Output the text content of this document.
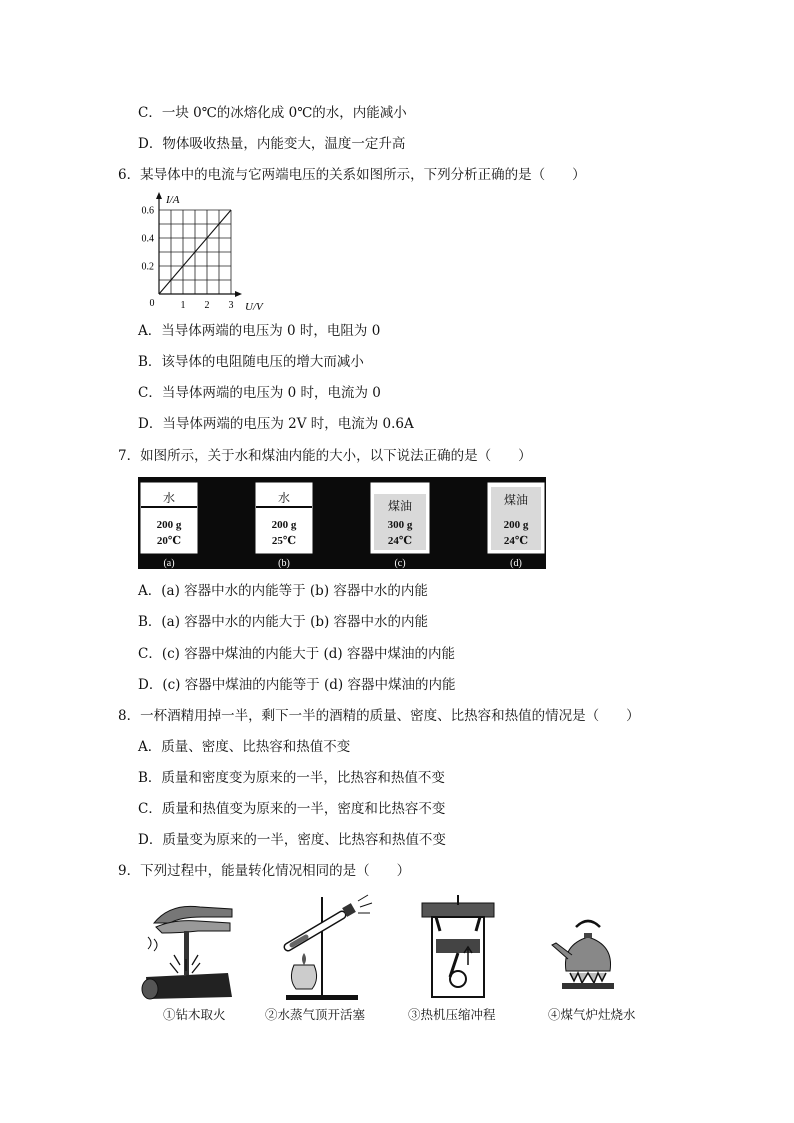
C．一块 0℃的冰熔化成 0℃的水，内能减小
D．物体吸收热量，内能变大，温度一定升高
6．某导体中的电流与它两端电压的关系如图所示，下列分析正确的是（　　）
I/A
U/V
0
0.6
0.4
0.2
1 2 3
A．当导体两端的电压为 0 时，电阻为 0
B．该导体的电阻随电压的增大而减小
C．当导体两端的电压为 0 时，电流为 0
D．当导体两端的电压为 2V 时，电流为 0.6A
7．如图所示，关于水和煤油内能的大小，以下说法正确的是（　　）
水
200 g
20℃
(a)
水
200 g
25℃
(b)
煤油
300 g
24℃
(c)
煤油
200 g
24℃
(d)
A．(a) 容器中水的内能等于 (b) 容器中水的内能
B．(a) 容器中水的内能大于 (b) 容器中水的内能
C．(c) 容器中煤油的内能大于 (d) 容器中煤油的内能
D．(c) 容器中煤油的内能等于 (d) 容器中煤油的内能
8．一杯酒精用掉一半，剩下一半的酒精的质量、密度、比热容和热值的情况是（　　）
A．质量、密度、比热容和热值不变
B．质量和密度变为原来的一半，比热容和热值不变
C．质量和热值变为原来的一半，密度和比热容不变
D．质量变为原来的一半，密度、比热容和热值不变
9．下列过程中，能量转化情况相同的是（　　）
①钻木取火	②水蒸气顶开活塞	③热机压缩冲程	④煤气炉灶烧水
